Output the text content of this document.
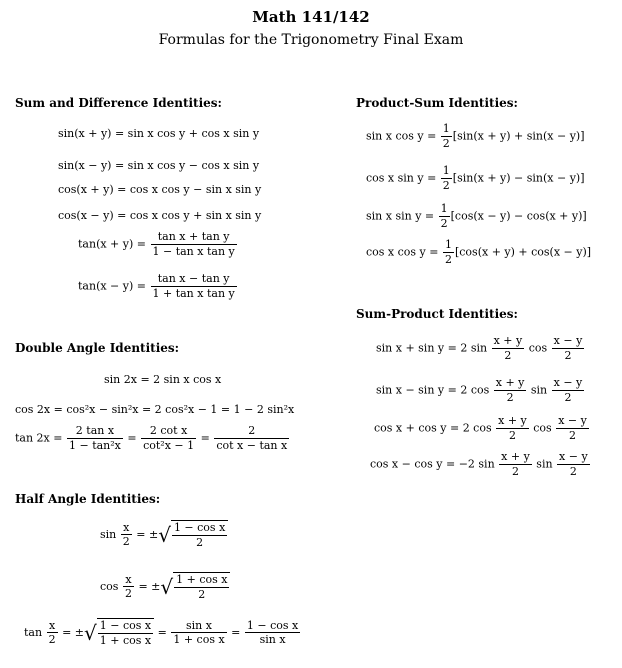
Math 141/142
Formulas for the Trigonometry Final Exam
Sum and Difference Identities:
sin(x + y) = sin x cos y + cos x sin y
sin(x − y) = sin x cos y − cos x sin y
cos(x + y) = cos x cos y − sin x sin y
cos(x − y) = cos x cos y + sin x sin y
$\tan(x + y) = \frac{\text{tan x + tan y}}{\text{1 − tan x tan y}}$
$\tan(x - y) = \frac{\text{tan x − tan y}}{\text{1 + tan x tan y}}$
Double Angle Identities:
sin 2x = 2 sin x cos x
cos 2x = cos²x − sin²x = 2 cos²x − 1 = 1 − 2 sin²x
$\tan 2x = \frac{\text{2 tan x}}{\text{1 − tan²x}} = \frac{\text{2 cot x}}{\text{cot²x − 1}} = \frac{2}{\text{cot x − tan x}}$
Half Angle Identities:
$\sin \frac{x}{2}$ = ±√ $\frac{\text{1 − cos x}}{2}$
$\cos \frac{x}{2}$ = ±√ $\frac{\text{1 + cos x}}{2}$
$\tan \frac{x}{2}$ = ±√ $\frac{\text{1 − cos x}}{\text{1 + cos x}} = \frac{\text{sin x}}{\text{1 + cos x}} = \frac{\text{1 − cos x}}{\text{sin x}}$
Product-Sum Identities:
sin x $\cos y = \frac{1}{2} [\sin(x + y) + \sin(x - y)]$
cos x $\sin y = \frac{1}{2} [\sin(x + y) - \sin(x - y)]$
sin x $\sin y = \frac{1}{2} [\cos(x - y) - \cos(x + y)]$
cos x $\cos y = \frac{1}{2} [\cos(x + y) + \cos(x - y)]$
Sum-Product Identities:
sin x + sin y = 2 $\sin \frac{x + y}{2}$ $\cos \frac{x - y}{2}$
sin x − sin y = 2 $\cos \frac{x + y}{2}$ $\sin \frac{x - y}{2}$
cos x + cos y = 2 $\cos \frac{x + y}{2}$ $\cos \frac{x - y}{2}$
cos x − cos y = −2 $\sin \frac{x + y}{2}$ $\sin \frac{x - y}{2}$
